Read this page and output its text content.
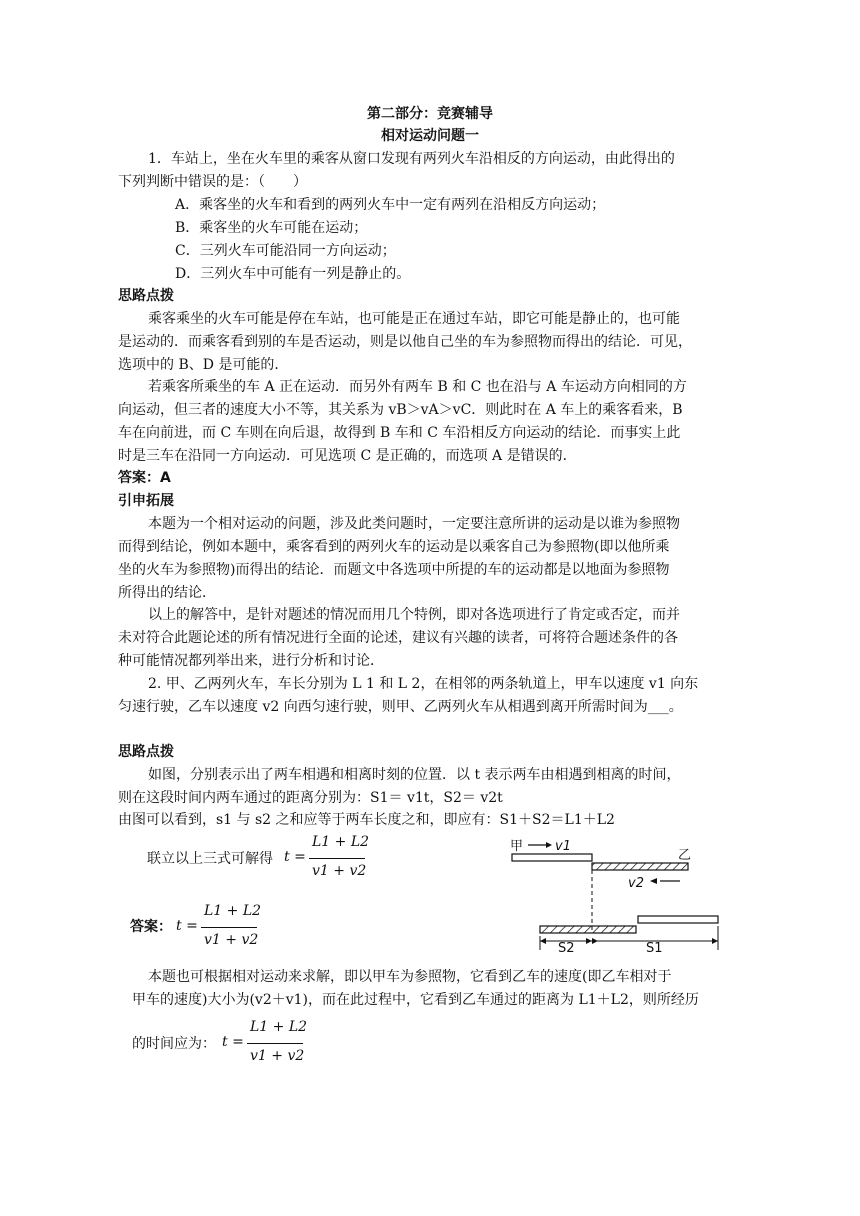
第二部分：竞赛辅导
相对运动问题一
1．车站上，坐在火车里的乘客从窗口发现有两列火车沿相反的方向运动，由此得出的
下列判断中错误的是：（　　）
A．乘客坐的火车和看到的两列火车中一定有两列在沿相反方向运动；
B．乘客坐的火车可能在运动；
C．三列火车可能沿同一方向运动；
D．三列火车中可能有一列是静止的。
思路点拨
乘客乘坐的火车可能是停在车站，也可能是正在通过车站，即它可能是静止的，也可能
是运动的．而乘客看到别的车是否运动，则是以他自己坐的车为参照物而得出的结论．可见，
选项中的 B、D 是可能的．
若乘客所乘坐的车 A 正在运动．而另外有两车 B 和 C 也在沿与 A 车运动方向相同的方
向运动，但三者的速度大小不等，其关系为 vB＞vA＞vC．则此时在 A 车上的乘客看来，B
车在向前进，而 C 车则在向后退，故得到 B 车和 C 车沿相反方向运动的结论．而事实上此
时是三车在沿同一方向运动．可见选项 C 是正确的，而选项 A 是错误的．
答案：A
引申拓展
本题为一个相对运动的问题，涉及此类问题时，一定要注意所讲的运动是以谁为参照物
而得到结论，例如本题中，乘客看到的两列火车的运动是以乘客自己为参照物(即以他所乘
坐的火车为参照物)而得出的结论．而题文中各选项中所提的车的运动都是以地面为参照物
所得出的结论．
以上的解答中，是针对题述的情况而用几个特例，即对各选项进行了肯定或否定，而并
未对符合此题论述的所有情况进行全面的论述，建议有兴趣的读者，可将符合题述条件的各
种可能情况都列举出来，进行分析和讨论．
2. 甲、乙两列火车，车长分别为 L 1 和 L 2，在相邻的两条轨道上，甲车以速度 v1 向东
匀速行驶，乙车以速度 v2 向西匀速行驶，则甲、乙两列火车从相遇到离开所需时间为___。
思路点拨
如图，分别表示出了两车相遇和相离时刻的位置．以 t 表示两车由相遇到相离的时间，
则在这段时间内两车通过的距离分别为：S1＝ v1t，S2＝ v2t
由图可以看到，s1 与 s2 之和应等于两车长度之和，即应有：S1＋S2＝L1＋L2
联立以上三式可解得 t =
L1 + L2
v1 + v2
答案： t =
L1 + L2
v1 + v2
甲 v1
乙
v2
S2	S1
本题也可根据相对运动来求解，即以甲车为参照物，它看到乙车的速度(即乙车相对于
甲车的速度)大小为(v2＋v1)，而在此过程中，它看到乙车通过的距离为 L1＋L2，则所经历
的时间应为： t =
L1 + L2
v1 + v2
